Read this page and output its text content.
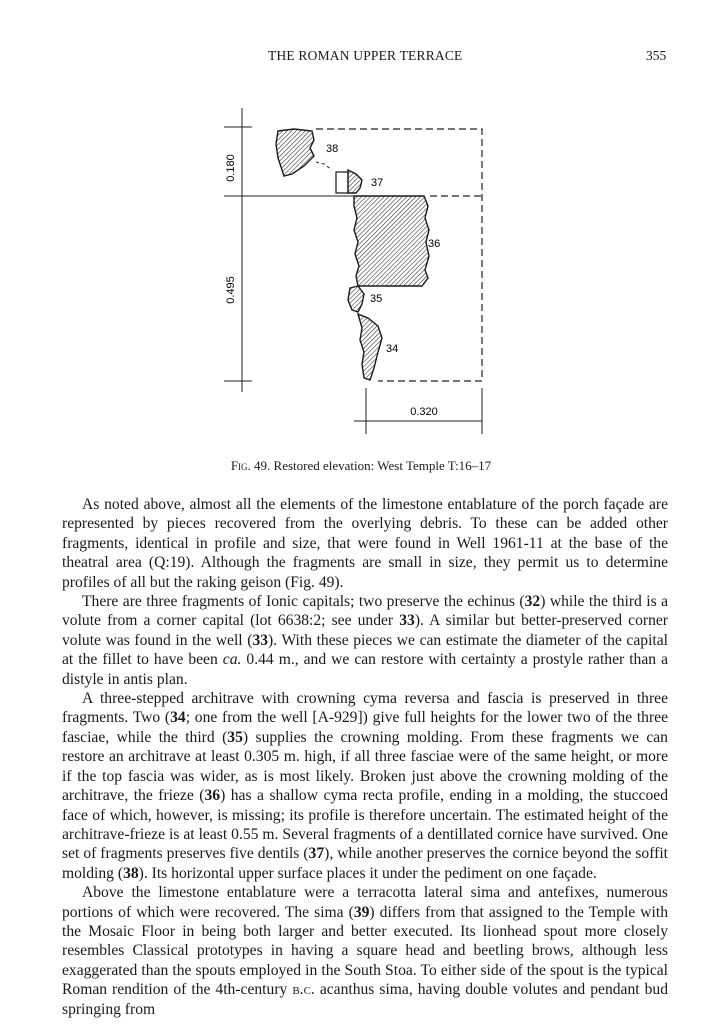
THE ROMAN UPPER TERRACE	355
0.180
0.495
0.320
38
37
36
35
34
Fig. 49. Restored elevation: West Temple T:16–17

As noted above, almost all the elements of the limestone entablature of the porch façade are represented by pieces recovered from the overlying debris. To these can be added other fragments, identical in profile and size, that were found in Well 1961-11 at the base of the theatral area (Q:19). Although the fragments are small in size, they permit us to determine profiles of all but the raking geison (Fig. 49).

There are three fragments of Ionic capitals; two preserve the echinus (32) while the third is a volute from a corner capital (lot 6638:2; see under 33). A similar but better-preserved corner volute was found in the well (33). With these pieces we can estimate the diameter of the capital at the fillet to have been ca. 0.44 m., and we can restore with certainty a prostyle rather than a distyle in antis plan.

A three-stepped architrave with crowning cyma reversa and fascia is preserved in three fragments. Two (34; one from the well [A-929]) give full heights for the lower two of the three fasciae, while the third (35) supplies the crowning molding. From these fragments we can restore an architrave at least 0.305 m. high, if all three fasciae were of the same height, or more if the top fascia was wider, as is most likely. Broken just above the crowning molding of the architrave, the frieze (36) has a shallow cyma recta profile, ending in a molding, the stuccoed face of which, however, is missing; its profile is therefore uncertain. The estimated height of the architrave-frieze is at least 0.55 m. Several fragments of a dentillated cornice have survived. One set of fragments preserves five dentils (37), while another preserves the cornice beyond the soffit molding (38). Its horizontal upper surface places it under the pediment on one façade.

Above the limestone entablature were a terracotta lateral sima and antefixes, numerous portions of which were recovered. The sima (39) differs from that assigned to the Temple with the Mosaic Floor in being both larger and better executed. Its lionhead spout more closely resembles Classical prototypes in having a square head and beetling brows, although less exaggerated than the spouts employed in the South Stoa. To either side of the spout is the typical Roman rendition of the 4th-century b.c. acanthus sima, having double volutes and pendant bud springing from
